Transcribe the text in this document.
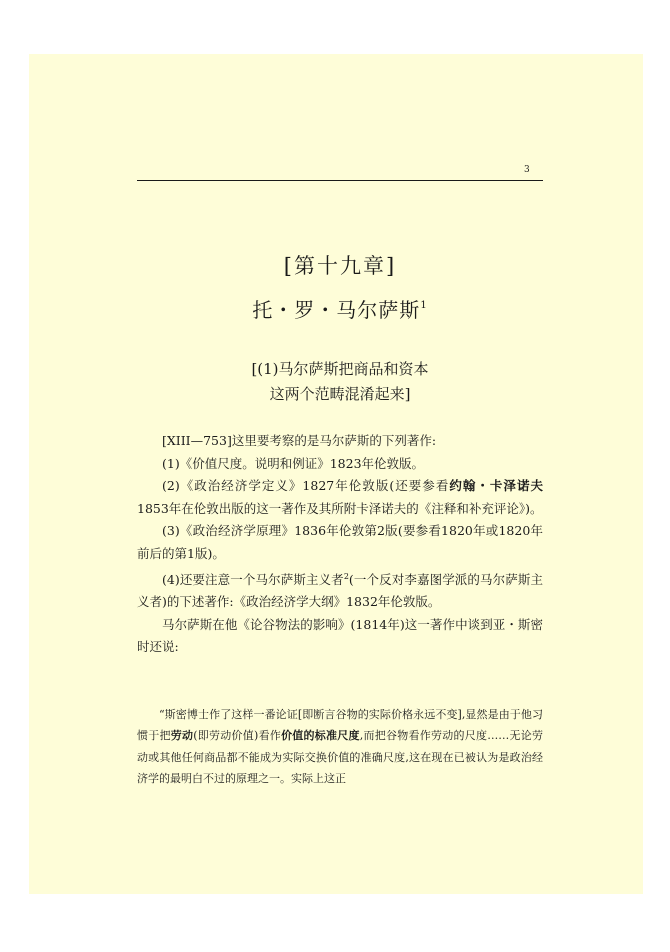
3
[第十九章]
托・罗・马尔萨斯$^1$
[(1)马尔萨斯把商品和资本
这两个范畴混淆起来]

[XIII—753]这里要考察的是马尔萨斯的下列著作:

(1)《价值尺度。说明和例证》1823年伦敦版。

(2)《政治经济学定义》1827年伦敦版(还要参看约翰・卡泽诺夫1853年在伦敦出版的这一著作及其所附卡泽诺夫的《注释和补充评论》)。

(3)《政治经济学原理》1836年伦敦第2版(要参看1820年或1820年前后的第1版)。

(4)还要注意一个马尔萨斯主义者$^2$(一个反对李嘉图学派的马尔萨斯主义者)的下述著作:《政治经济学大纲》1832年伦敦版。

马尔萨斯在他《论谷物法的影响》(1814年)这一著作中谈到亚・斯密时还说:

“斯密博士作了这样一番论证[即断言谷物的实际价格永远不变],显然是由于他习惯于把劳动(即劳动价值)看作价值的标准尺度,而把谷物看作劳动的尺度……无论劳动或其他任何商品都不能成为实际交换价值的准确尺度,这在现在已被认为是政治经济学的最明白不过的原理之一。实际上这正
